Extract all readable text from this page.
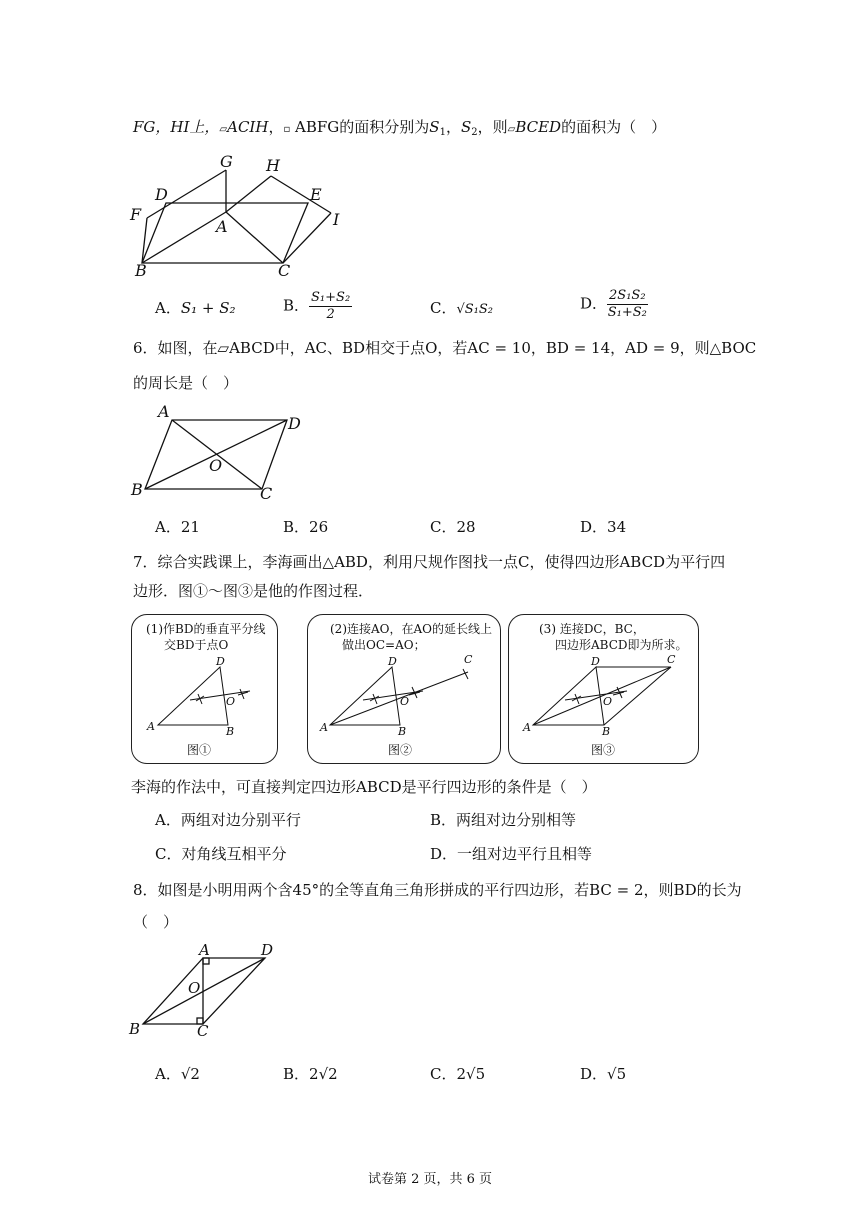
FG，HI上，▱ACIH，▫ ABFG的面积分别为$S_1$，$S_2$，则▱BCED的面积为（　）
G H
D	E
F
A	I
B	C
A．S₁ + S₂	B． $\frac{\text{S₁+S₂}}{2}$	C．√S₁S₂	D． $\frac{\text{2S₁S₂}}{\text{S₁+S₂}}$
6．如图，在▱ABCD中，AC、BD相交于点O，若AC = 10，BD = 14，AD = 9，则△BOC
的周长是（　）
A
D
O
B	C
A．21	B．26	C．28	D．34
7．综合实践课上，李海画出△ABD，利用尺规作图找一点C，使得四边形ABCD为平行四
边形．图①～图③是他的作图过程．
(1)作BD的垂直平分线
交BD于点O
D
A	B
O
图①
(2)连接AO，在AO的延长线上
做出OC=AO；
D
A	B
O
C
图②
(3) 连接DC，BC，
四边形ABCD即为所求。
D
A	B
O
C
图③
李海的作法中，可直接判定四边形ABCD是平行四边形的条件是（　）
A．两组对边分别平行	B．两组对边分别相等
C．对角线互相平分	D．一组对边平行且相等
8．如图是小明用两个含45°的全等直角三角形拼成的平行四边形，若BC = 2，则BD的长为
（　）
A	D
O
B	C
A．√2	B．2√2	C．2√5	D．√5
试卷第 2 页，共 6 页
